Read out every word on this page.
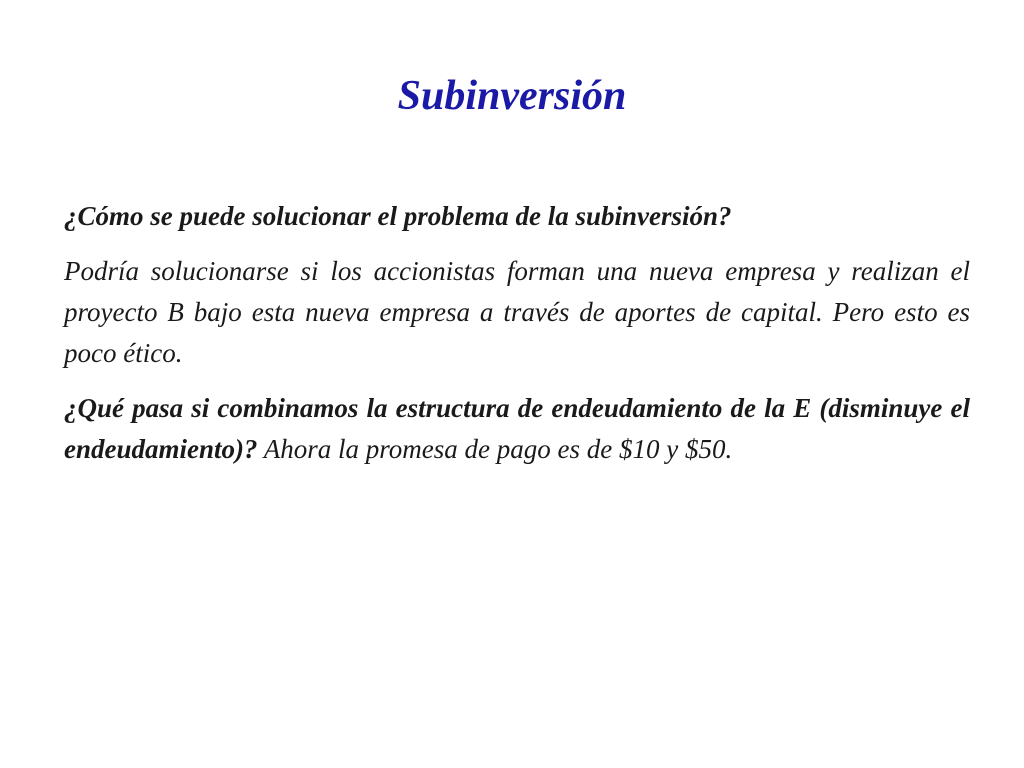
Subinversión

¿Cómo se puede solucionar el problema de la subinversión?

Podría solucionarse si los accionistas forman una nueva empresa y realizan el proyecto B bajo esta nueva empresa a través de aportes de capital. Pero esto es poco ético.

¿Qué pasa si combinamos la estructura de endeudamiento de la E (disminuye el endeudamiento)? Ahora la promesa de pago es de $10 y $50.
